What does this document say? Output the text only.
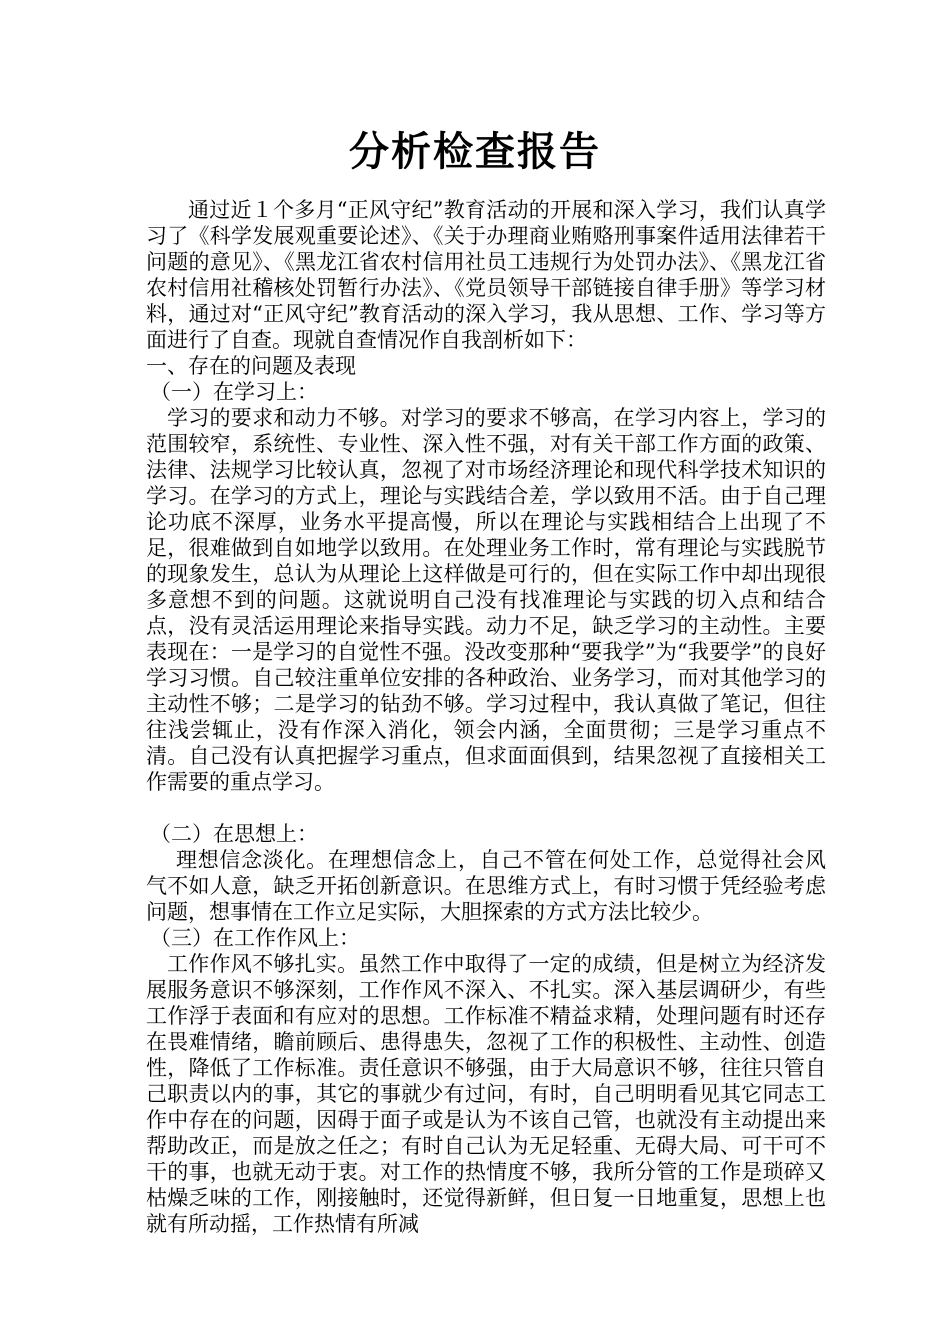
分析检查报告

通过近１个多月“正风守纪”教育活动的开展和深入学习，我们认真学习了《科学发展观重要论述》、《关于办理商业贿赂刑事案件适用法律若干问题的意见》、《黑龙江省农村信用社员工违规行为处罚办法》、《黑龙江省农村信用社稽核处罚暂行办法》、《党员领导干部链接自律手册》等学习材料，通过对“正风守纪”教育活动的深入学习，我从思想、工作、学习等方面进行了自查。现就自查情况作自我剖析如下：

一、存在的问题及表现

（一）在学习上：

学习的要求和动力不够。对学习的要求不够高，在学习内容上，学习的范围较窄，系统性、专业性、深入性不强，对有关干部工作方面的政策、法律、法规学习比较认真，忽视了对市场经济理论和现代科学技术知识的学习。在学习的方式上，理论与实践结合差，学以致用不活。由于自己理论功底不深厚，业务水平提高慢，所以在理论与实践相结合上出现了不足，很难做到自如地学以致用。在处理业务工作时，常有理论与实践脱节的现象发生，总认为从理论上这样做是可行的，但在实际工作中却出现很多意想不到的问题。这就说明自己没有找准理论与实践的切入点和结合点，没有灵活运用理论来指导实践。动力不足，缺乏学习的主动性。主要表现在：一是学习的自觉性不强。没改变那种“要我学”为“我要学”的良好学习习惯。自己较注重单位安排的各种政治、业务学习，而对其他学习的主动性不够；二是学习的钻劲不够。学习过程中，我认真做了笔记，但往往浅尝辄止，没有作深入消化，领会内涵，全面贯彻；三是学习重点不清。自己没有认真把握学习重点，但求面面俱到，结果忽视了直接相关工作需要的重点学习。

（二）在思想上：

理想信念淡化。在理想信念上，自己不管在何处工作，总觉得社会风气不如人意，缺乏开拓创新意识。在思维方式上，有时习惯于凭经验考虑问题，想事情在工作立足实际，大胆探索的方式方法比较少。

（三）在工作作风上：

工作作风不够扎实。虽然工作中取得了一定的成绩，但是树立为经济发展服务意识不够深刻，工作作风不深入、不扎实。深入基层调研少，有些工作浮于表面和有应对的思想。工作标准不精益求精，处理问题有时还存在畏难情绪，瞻前顾后、患得患失，忽视了工作的积极性、主动性、创造性，降低了工作标准。责任意识不够强，由于大局意识不够，往往只管自己职责以内的事，其它的事就少有过问，有时，自己明明看见其它同志工作中存在的问题，因碍于面子或是认为不该自己管，也就没有主动提出来帮助改正，而是放之任之；有时自己认为无足轻重、无碍大局、可干可不干的事，也就无动于衷。对工作的热情度不够，我所分管的工作是琐碎又枯燥乏味的工作，刚接触时，还觉得新鲜，但日复一日地重复，思想上也就有所动摇，工作热情有所减
